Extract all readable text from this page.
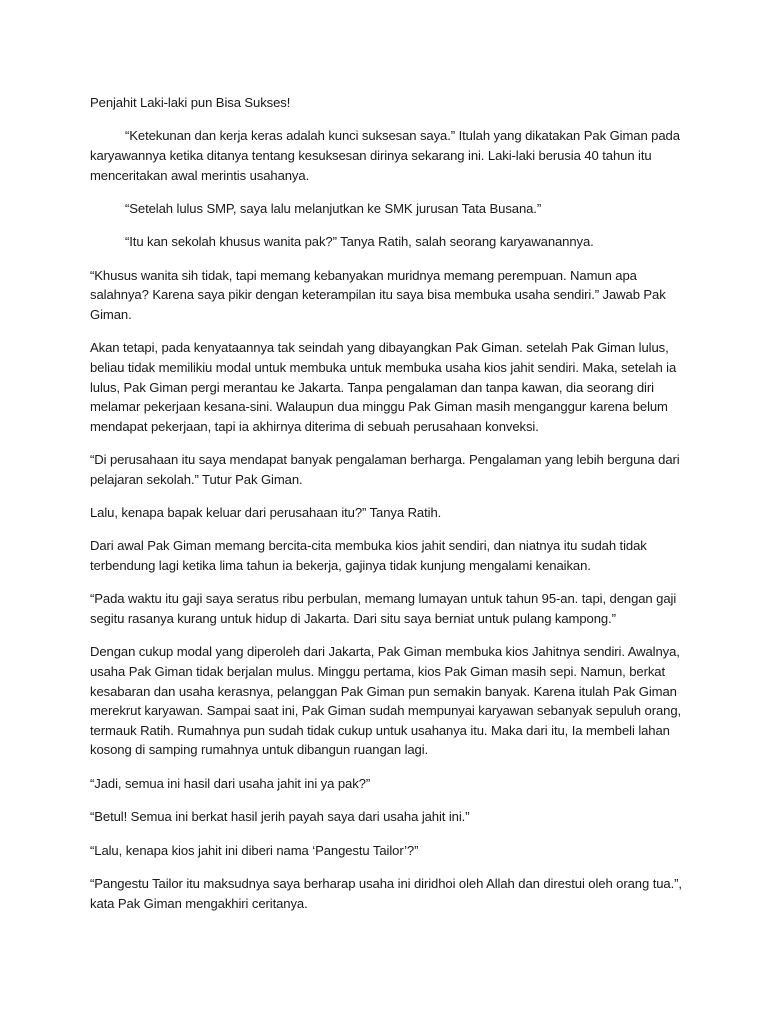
Penjahit Laki-laki pun Bisa Sukses!

“Ketekunan dan kerja keras adalah kunci suksesan saya.” Itulah yang dikatakan Pak Giman pada karyawannya ketika ditanya tentang kesuksesan dirinya sekarang ini. Laki-laki berusia 40 tahun itu menceritakan awal merintis usahanya.

“Setelah lulus SMP, saya lalu melanjutkan ke SMK jurusan Tata Busana.”

“Itu kan sekolah khusus wanita pak?” Tanya Ratih, salah seorang karyawanannya.

“Khusus wanita sih tidak, tapi memang kebanyakan muridnya memang perempuan. Namun apa salahnya? Karena saya pikir dengan keterampilan itu saya bisa membuka usaha sendiri.” Jawab Pak Giman.

Akan tetapi, pada kenyataannya tak seindah yang dibayangkan Pak Giman. setelah Pak Giman lulus, beliau tidak memilikiu modal untuk membuka untuk membuka usaha kios jahit sendiri. Maka, setelah ia lulus, Pak Giman pergi merantau ke Jakarta. Tanpa pengalaman dan tanpa kawan, dia seorang diri melamar pekerjaan kesana-sini. Walaupun dua minggu Pak Giman masih menganggur karena belum mendapat pekerjaan, tapi ia akhirnya diterima di sebuah perusahaan konveksi.

“Di perusahaan itu saya mendapat banyak pengalaman berharga. Pengalaman yang lebih berguna dari pelajaran sekolah.” Tutur Pak Giman.

Lalu, kenapa bapak keluar dari perusahaan itu?” Tanya Ratih.

Dari awal Pak Giman memang bercita-cita membuka kios jahit sendiri, dan niatnya itu sudah tidak terbendung lagi ketika lima tahun ia bekerja, gajinya tidak kunjung mengalami kenaikan.

“Pada waktu itu gaji saya seratus ribu perbulan, memang lumayan untuk tahun 95-an. tapi, dengan gaji segitu rasanya kurang untuk hidup di Jakarta. Dari situ saya berniat untuk pulang kampong.”

Dengan cukup modal yang diperoleh dari Jakarta, Pak Giman membuka kios Jahitnya sendiri. Awalnya, usaha Pak Giman tidak berjalan mulus. Minggu pertama, kios Pak Giman masih sepi. Namun, berkat kesabaran dan usaha kerasnya, pelanggan Pak Giman pun semakin banyak. Karena itulah Pak Giman merekrut karyawan. Sampai saat ini, Pak Giman sudah mempunyai karyawan sebanyak sepuluh orang, termauk Ratih. Rumahnya pun sudah tidak cukup untuk usahanya itu. Maka dari itu, Ia membeli lahan kosong di samping rumahnya untuk dibangun ruangan lagi.

“Jadi, semua ini hasil dari usaha jahit ini ya pak?”

“Betul! Semua ini berkat hasil jerih payah saya dari usaha jahit ini.”

“Lalu, kenapa kios jahit ini diberi nama ‘Pangestu Tailor’?”

“Pangestu Tailor itu maksudnya saya berharap usaha ini diridhoi oleh Allah dan direstui oleh orang tua.”, kata Pak Giman mengakhiri ceritanya.
